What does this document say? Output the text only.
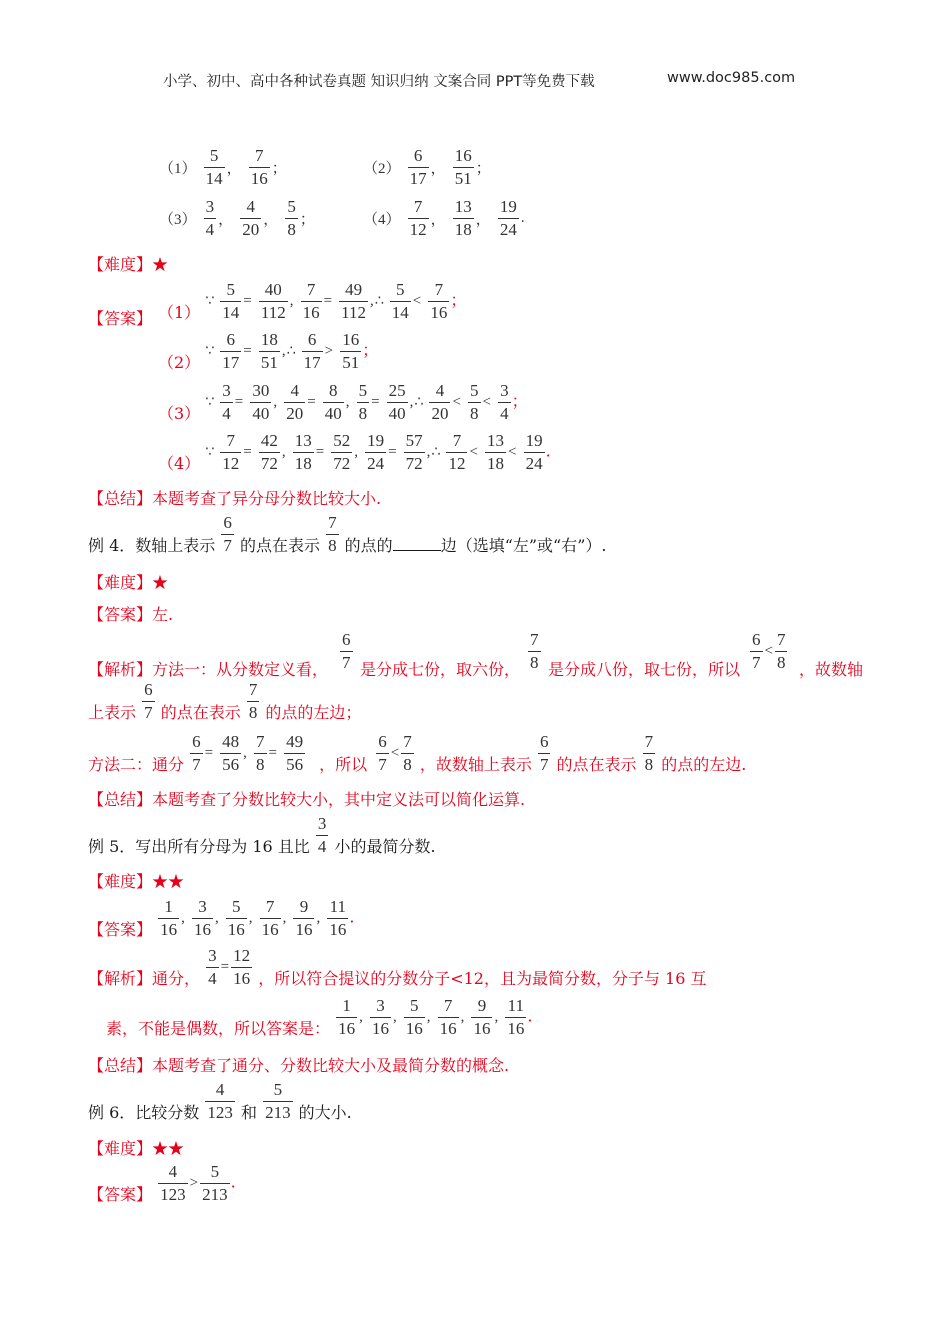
小学、初中、高中各种试卷真题 知识归纳 文案合同 PPT等免费下载	www.doc985.com
$(1) \frac{5}{14}$ ， $\frac{7}{16}$ ；	$(2) \frac{6}{17}$ ， $\frac{16}{51}$ ；
$(3) \frac{3}{4}$ ， $\frac{4}{20}$ ， $\frac{5}{8}$ ；	$(4) \frac{7}{12}$ ， $\frac{13}{18}$ ， $\frac{19}{24}$ .
【难度】★
【答案】 （1） ∵ $\frac{5}{14} = \frac{40}{112}$ , $\frac{7}{16} = \frac{49}{112}$ ,∴ $\frac{5}{14} < \frac{7}{16}$ ；
（2） ∵ $\frac{6}{17} = \frac{18}{51}$ ,∴ $\frac{6}{17} > \frac{16}{51}$ ；
（3） ∵ $\frac{3}{4} = \frac{30}{40}$ , $\frac{4}{20} = \frac{8}{40}$ , $\frac{5}{8} = \frac{25}{40}$ ,∴ $\frac{4}{20} < \frac{5}{8} < \frac{3}{4}$ ；
（4） ∵ $\frac{7}{12} = \frac{42}{72}$ , $\frac{13}{18} = \frac{52}{72}$ , $\frac{19}{24} = \frac{57}{72}$ ,∴ $\frac{7}{12} < \frac{13}{18} < \frac{19}{24}$ .
【总结】本题考查了异分母分数比较大小.
例 4．数轴上表示 $\frac{6}{7}$ 的点在表示 $\frac{7}{8}$ 的点的	边（选填“左”或“右”）.
【难度】★
【答案】左.
【解析】方法一：从分数定义看， $\frac{6}{7}$ 是分成七份，取六份， $\frac{7}{8}$ 是分成八份，取七份，所以 $\frac{6}{7} < \frac{7}{8}$ ，故数轴
上表示 $\frac{6}{7}$ 的点在表示 $\frac{7}{8}$ 的点的左边；
方法二：通分 $\frac{6}{7} = \frac{48}{56}$ , $\frac{7}{8} = \frac{49}{56}$ ，所以 $\frac{6}{7} < \frac{7}{8}$ ，故数轴上表示 $\frac{6}{7}$ 的点在表示 $\frac{7}{8}$ 的点的左边.
【总结】本题考查了分数比较大小，其中定义法可以简化运算.
例 5．写出所有分母为 16 且比 $\frac{3}{4}$ 小的最简分数.
【难度】★★
【答案】 $\frac{1}{16}$ , $\frac{3}{16}$ , $\frac{5}{16}$ , $\frac{7}{16}$ , $\frac{9}{16}$ , $\frac{11}{16}$ .
【解析】通分， $\frac{3}{4} = \frac{12}{16}$ ，所以符合提议的分数分子<12，且为最简分数，分子与 16 互
素，不能是偶数，所以答案是： $\frac{1}{16}$ , $\frac{3}{16}$ , $\frac{5}{16}$ , $\frac{7}{16}$ , $\frac{9}{16}$ , $\frac{11}{16}$ .
【总结】本题考查了通分、分数比较大小及最简分数的概念.
例 6．比较分数 $\frac{4}{123}$ 和 $\frac{5}{213}$ 的大小.
【难度】★★
【答案】 $\frac{4}{123} > \frac{5}{213}$ .
